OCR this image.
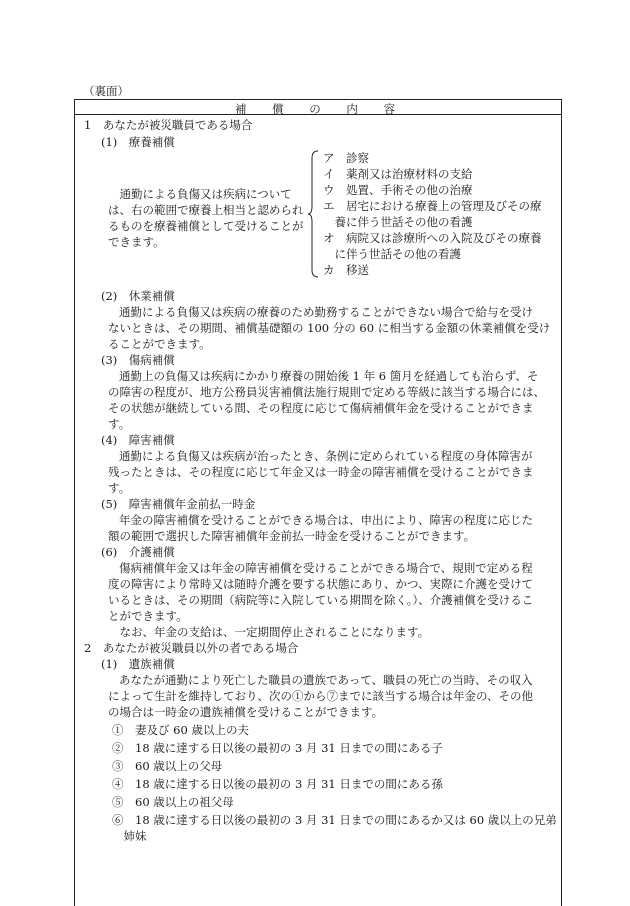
（裏面）
補 償 の 内 容
1　あなたが被災職員である場合
(1)　療養補償
　通勤による負傷又は疾病について
は、右の範囲で療養上相当と認められ
るものを療養補償として受けることが
できます。
ア　診察
イ　薬剤又は治療材料の支給
ウ　処置、手術その他の治療
エ　居宅における療養上の管理及びその療
　養に伴う世話その他の看護
オ　病院又は診療所への入院及びその療養
　に伴う世話その他の看護
カ　移送
(2)　休業補償
通勤による負傷又は疾病の療養のため勤務することができない場合で給与を受け
ないときは、その期間、補償基礎額の 100 分の 60 に相当する金額の休業補償を受け
ることができます。
(3)　傷病補償
通勤上の負傷又は疾病にかかり療養の開始後 1 年 6 箇月を経過しても治らず、そ
の障害の程度が、地方公務員災害補償法施行規則で定める等級に該当する場合には、
その状態が継続している間、その程度に応じて傷病補償年金を受けることができま
す。
(4)　障害補償
通勤による負傷又は疾病が治ったとき、条例に定められている程度の身体障害が
残ったときは、その程度に応じて年金又は一時金の障害補償を受けることができま
す。
(5)　障害補償年金前払一時金
年金の障害補償を受けることができる場合は、申出により、障害の程度に応じた
額の範囲で選択した障害補償年金前払一時金を受けることができます。
(6)　介護補償
傷病補償年金又は年金の障害補償を受けることができる場合で、規則で定める程
度の障害により常時又は随時介護を要する状態にあり、かつ、実際に介護を受けて
いるときは、その期間（病院等に入院している期間を除く。）、介護補償を受けるこ
とができます。
　なお、年金の支給は、一定期間停止されることになります。
2　あなたが被災職員以外の者である場合
(1)　遺族補償
あなたが通勤により死亡した職員の遺族であって、職員の死亡の当時、その収入
によって生計を維持しており、次の①から⑦までに該当する場合は年金の、その他
の場合は一時金の遺族補償を受けることができます。
①　妻及び 60 歳以上の夫
②　18 歳に達する日以後の最初の 3 月 31 日までの間にある子
③　60 歳以上の父母
④　18 歳に達する日以後の最初の 3 月 31 日までの間にある孫
⑤　60 歳以上の祖父母
⑥　18 歳に達する日以後の最初の 3 月 31 日までの間にあるか又は 60 歳以上の兄弟
　姉妹
